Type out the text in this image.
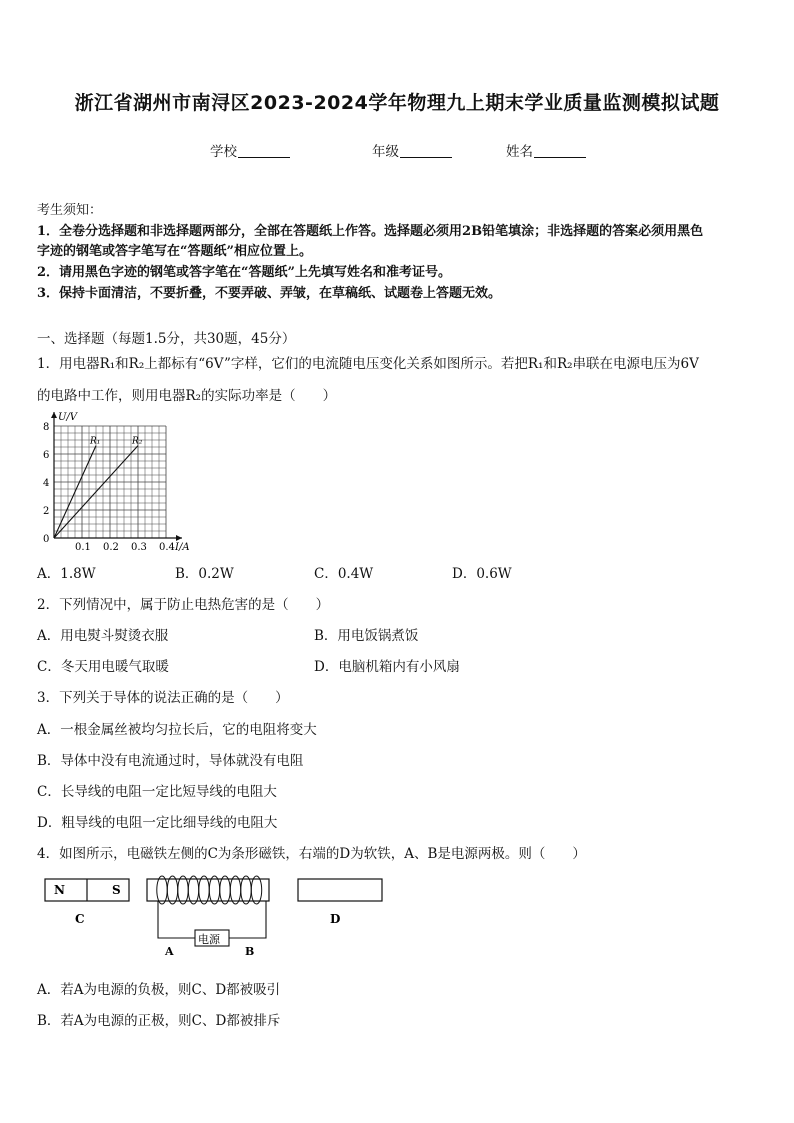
浙江省湖州市南浔区2023-2024学年物理九上期末学业质量监测模拟试题
学校	年级	姓名
考生须知：
1．全卷分选择题和非选择题两部分，全部在答题纸上作答。选择题必须用2B铅笔填涂；非选择题的答案必须用黑色
字迹的钢笔或答字笔写在“答题纸”相应位置上。
2．请用黑色字迹的钢笔或答字笔在“答题纸”上先填写姓名和准考证号。
3．保持卡面清洁，不要折叠，不要弄破、弄皱，在草稿纸、试题卷上答题无效。
一、选择题（每题1.5分，共30题，45分）
1．用电器R₁和R₂上都标有“6V”字样，它们的电流随电压变化关系如图所示。若把R₁和R₂串联在电源电压为6V
的电路中工作，则用电器R₂的实际功率是（　　）
R₁	R₂
0.1 0.2 0.3 0.4
2
4
6
8
0
I/A
U/V
A．1.8W	B．0.2W	C．0.4W	D．0.6W
2．下列情况中，属于防止电热危害的是（　　）
A．用电熨斗熨烫衣服	B．用电饭锅煮饭
C．冬天用电暖气取暖	D．电脑机箱内有小风扇
3．下列关于导体的说法正确的是（　　）
A．一根金属丝被均匀拉长后，它的电阻将变大
B．导体中没有电流通过时，导体就没有电阻
C．长导线的电阻一定比短导线的电阻大
D．粗导线的电阻一定比细导线的电阻大
4．如图所示，电磁铁左侧的C为条形磁铁，右端的D为软铁，A、B是电源两极。则（　　）
N	S
C
电源
A	B
D
A．若A为电源的负极，则C、D都被吸引
B．若A为电源的正极，则C、D都被排斥
